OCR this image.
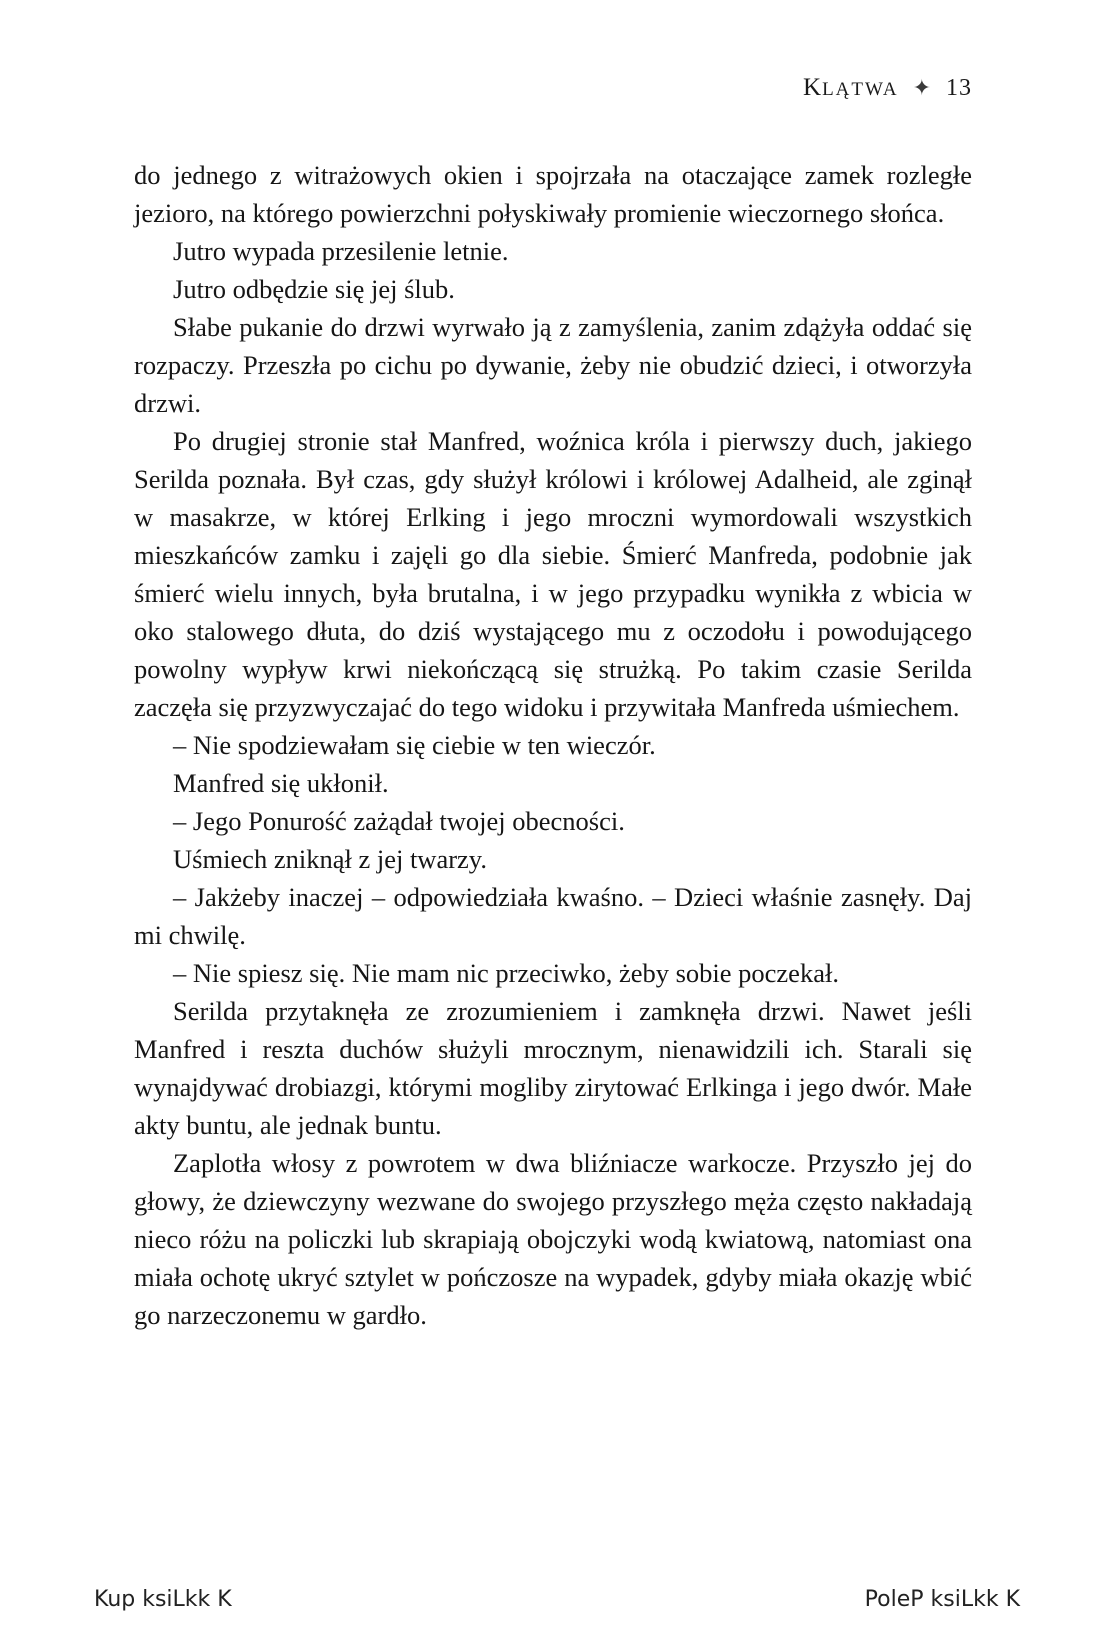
KLĄTWA ✦ 13

do jednego z witrażowych okien i spojrzała na otaczające zamek rozległe jezioro, na którego powierzchni połyskiwały promienie wieczornego słońca.

Jutro wypada przesilenie letnie.

Jutro odbędzie się jej ślub.

Słabe pukanie do drzwi wyrwało ją z zamyślenia, zanim zdążyła oddać się rozpaczy. Przeszła po cichu po dywanie, żeby nie obudzić dzieci, i otworzyła drzwi.

Po drugiej stronie stał Manfred, woźnica króla i pierwszy duch, jakiego Serilda poznała. Był czas, gdy służył królowi i królowej Adalheid, ale zginął w masakrze, w której Erlking i jego mroczni wymordowali wszystkich mieszkańców zamku i zajęli go dla siebie. Śmierć Manfreda, podobnie jak śmierć wielu innych, była brutalna, i w jego przypadku wynikła z wbicia w oko stalowego dłuta, do dziś wystającego mu z oczodołu i powodującego powolny wypływ krwi niekończącą się strużką. Po takim czasie Serilda zaczęła się przyzwyczajać do tego widoku i przywitała Manfreda uśmiechem.

– Nie spodziewałam się ciebie w ten wieczór.

Manfred się ukłonił.

– Jego Ponurość zażądał twojej obecności.

Uśmiech zniknął z jej twarzy.

– Jakżeby inaczej – odpowiedziała kwaśno. – Dzieci właśnie zasnęły. Daj mi chwilę.

– Nie spiesz się. Nie mam nic przeciwko, żeby sobie poczekał.

Serilda przytaknęła ze zrozumieniem i zamknęła drzwi. Nawet jeśli Manfred i reszta duchów służyli mrocznym, nienawidzili ich. Starali się wynajdywać drobiazgi, którymi mogliby zirytować Erlkinga i jego dwór. Małe akty buntu, ale jednak buntu.

Zaplotła włosy z powrotem w dwa bliźniacze warkocze. Przyszło jej do głowy, że dziewczyny wezwane do swojego przyszłego męża często nakładają nieco różu na policzki lub skrapiają obojczyki wodą kwiatową, natomiast ona miała ochotę ukryć sztylet w pończosze na wypadek, gdyby miała okazję wbić go narzeczonemu w gardło.

Kup ksiLkk K	PoleP ksiLkk K
